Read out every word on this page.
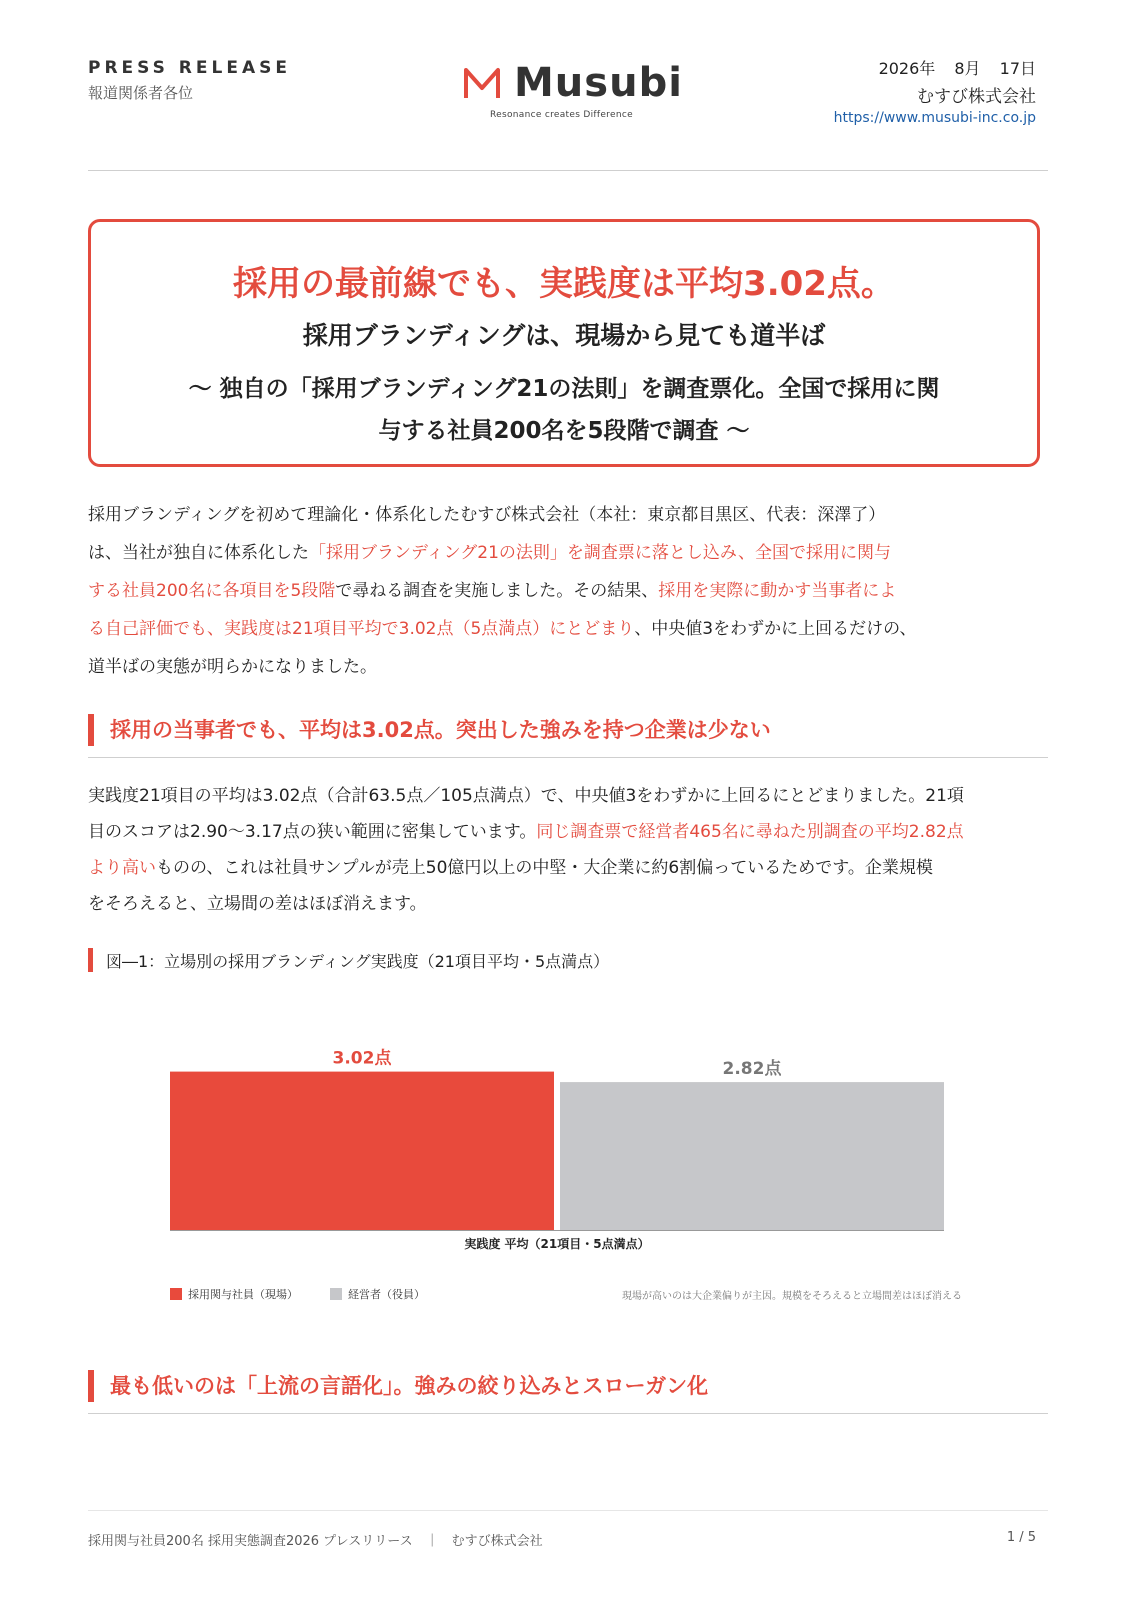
PRESS RELEASE
報道関係者各位	Musubi
Resonance creates Difference
2026年 8月 17日
むすび株式会社
https://www.musubi-inc.co.jp
採用の最前線でも、実践度は平均3.02点。
採用ブランディングは、現場から見ても道半ば
〜 独自の「採用ブランディング21の法則」を調査票化。全国で採用に関
与する社員200名を5段階で調査 〜
採用ブランディングを初めて理論化・体系化したむすび株式会社（本社：東京都目黒区、代表：深澤了）
は、当社が独自に体系化した「採用ブランディング21の法則」を調査票に落とし込み、全国で採用に関与
する社員200名に各項目を5段階で尋ねる調査を実施しました。その結果、採用を実際に動かす当事者によ
る自己評価でも、実践度は21項目平均で3.02点（5点満点）にとどまり、中央値3をわずかに上回るだけの、
道半ばの実態が明らかになりました。
採用の当事者でも、平均は3.02点。突出した強みを持つ企業は少ない
実践度21項目の平均は3.02点（合計63.5点／105点満点）で、中央値3をわずかに上回るにとどまりました。21項
目のスコアは2.90〜3.17点の狭い範囲に密集しています。同じ調査票で経営者465名に尋ねた別調査の平均2.82点
より高いものの、これは社員サンプルが売上50億円以上の中堅・大企業に約6割偏っているためです。企業規模
をそろえると、立場間の差はほぼ消えます。
図―1：立場別の採用ブランディング実践度（21項目平均・5点満点）
3.02点
2.82点
実践度 平均（21項目・5点満点）
採用関与社員（現場）	経営者（役員）	現場が高いのは大企業偏りが主因。規模をそろえると立場間差はほぼ消える
最も低いのは「上流の言語化」。強みの絞り込みとスローガン化
採用関与社員200名 採用実態調査2026 プレスリリース　｜　むすび株式会社	1 / 5
